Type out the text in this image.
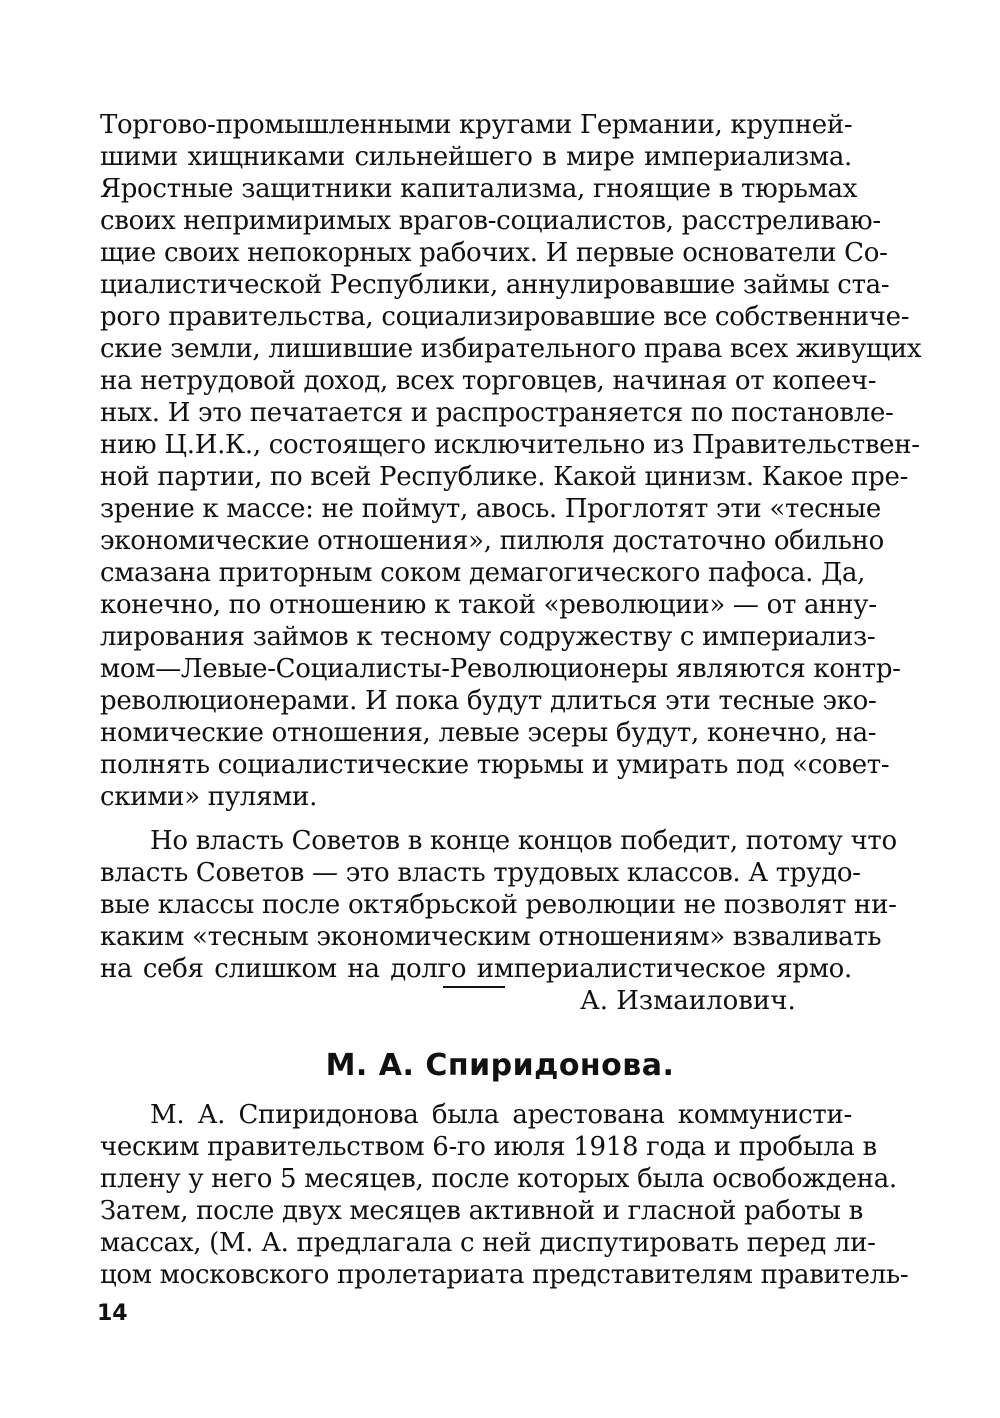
Торгово-промышленными кругами Германии, крупней-
шими хищниками сильнейшего в мире империализма.
Яростные защитники капитализма, гноящие в тюрьмах
своих непримиримых врагов-социалистов, расстреливаю-
щие своих непокорных рабочих. И первые основатели Со-
циалистической Республики, аннулировавшие займы ста-
рого правительства, социализировавшие все собственниче-
ские земли, лишившие избирательного права всех живущих
на нетрудовой доход, всех торговцев, начиная от копееч-
ных. И это печатается и распространяется по постановле-
нию Ц.И.К., состоящего исключительно из Правительствен-
ной партии, по всей Республике. Какой цинизм. Какое пре-
зрение к массе: не поймут, авось. Проглотят эти «тесные
экономические отношения», пилюля достаточно обильно
смазана приторным соком демагогического пафоса. Да,
конечно, по отношению к такой «революции» — от анну-
лирования займов к тесному содружеству с империализ-
мом—Левые-Социалисты-Революционеры являются контр-
революционерами. И пока будут длиться эти тесные эко-
номические отношения, левые эсеры будут, конечно, на-
полнять социалистические тюрьмы и умирать под «совет-
скими» пулями.
Но власть Советов в конце концов победит, потому что
власть Советов — это власть трудовых классов. А трудо-
вые классы после октябрьской революции не позволят ни-
каким «тесным экономическим отношениям» взваливать
на себя слишком на долго империалистическое ярмо.
А. Измаилович.
М. А. Спиридонова.
М. А. Спиридонова была арестована коммунисти-
ческим правительством 6-го июля 1918 года и пробыла в
плену у него 5 месяцев, после которых была освобождена.
Затем, после двух месяцев активной и гласной работы в
массах, (М. А. предлагала с ней диспутировать перед ли-
цом московского пролетариата представителям правитель-
14
